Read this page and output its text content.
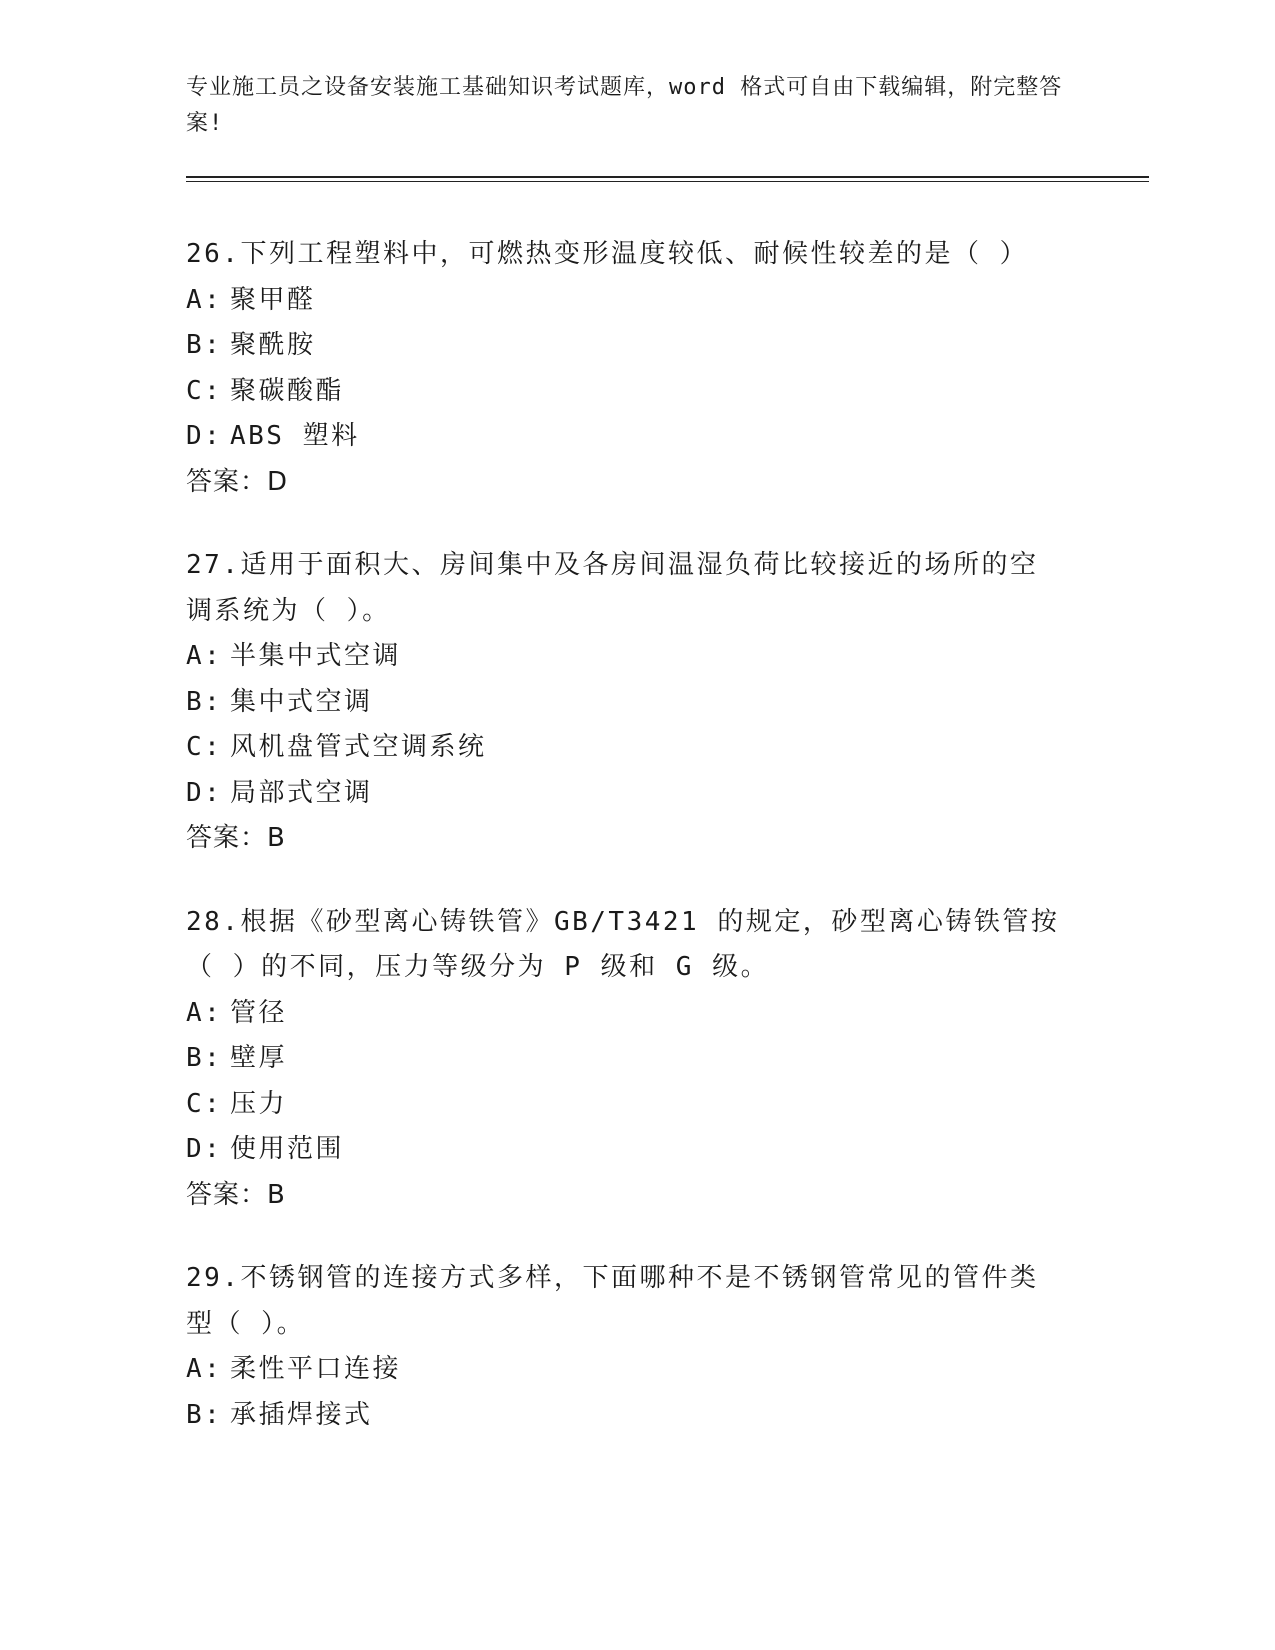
专业施工员之设备安装施工基础知识考试题库，word 格式可自由下载编辑，附完整答案!
26.下列工程塑料中，可燃热变形温度较低、耐候性较差的是（ ）
A: 聚甲醛
B: 聚酰胺
C: 聚碳酸酯
D: ABS 塑料
答案：D
27.适用于面积大、房间集中及各房间温湿负荷比较接近的场所的空调系统为（ ）。
A: 半集中式空调
B: 集中式空调
C: 风机盘管式空调系统
D: 局部式空调
答案：B
28.根据《砂型离心铸铁管》GB/T3421 的规定，砂型离心铸铁管按（ ）的不同，压力等级分为 P 级和 G 级。
A: 管径
B: 壁厚
C: 压力
D: 使用范围
答案：B
29.不锈钢管的连接方式多样，下面哪种不是不锈钢管常见的管件类型（ ）。
A: 柔性平口连接
B: 承插焊接式
